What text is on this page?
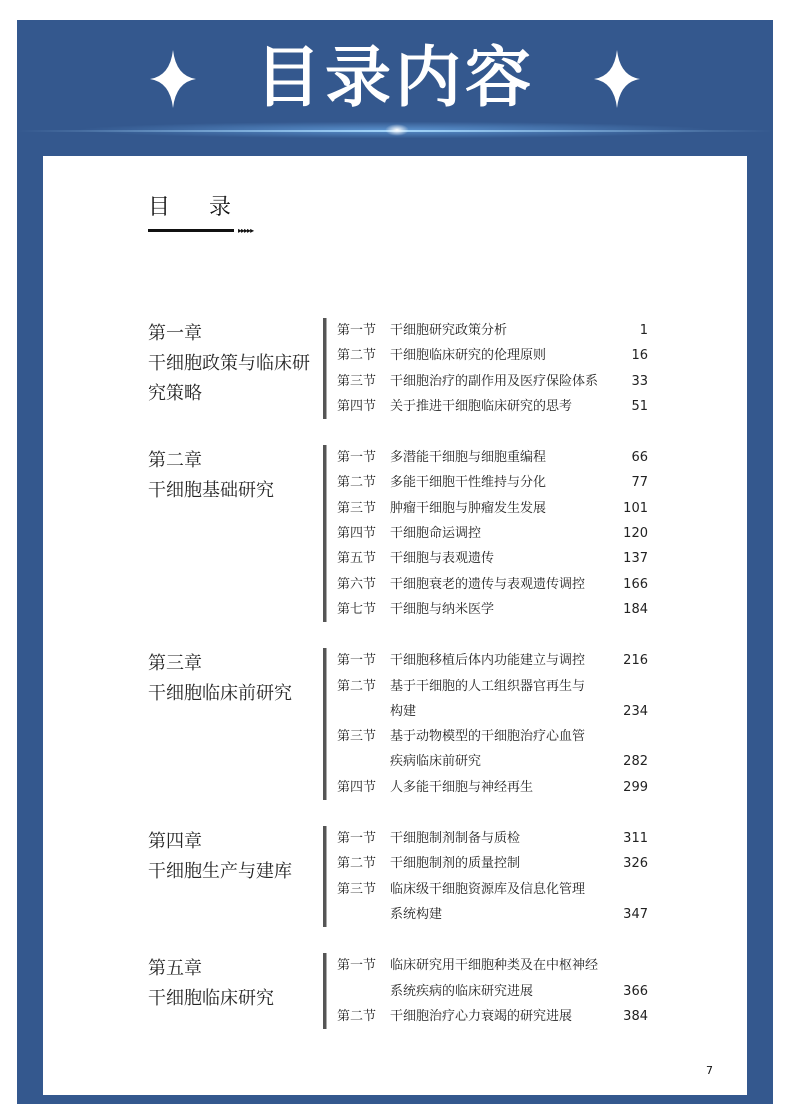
目录内容
目 录
▸▸▸▸▸
第一章
干细胞政策与临床研究策略
第一节	干细胞研究政策分析	1
第二节	干细胞临床研究的伦理原则	16
第三节	干细胞治疗的副作用及医疗保险体系	33
第四节	关于推进干细胞临床研究的思考	51
第二章
干细胞基础研究
第一节	多潜能干细胞与细胞重编程	66
第二节	多能干细胞干性维持与分化	77
第三节	肿瘤干细胞与肿瘤发生发展	101
第四节	干细胞命运调控	120
第五节	干细胞与表观遗传	137
第六节	干细胞衰老的遗传与表观遗传调控	166
第七节	干细胞与纳米医学	184
第三章
干细胞临床前研究
第一节	干细胞移植后体内功能建立与调控	216
第二节	基于干细胞的人工组织器官再生与
构建	234
第三节	基于动物模型的干细胞治疗心血管
疾病临床前研究	282
第四节	人多能干细胞与神经再生	299
第四章
干细胞生产与建库
第一节	干细胞制剂制备与质检	311
第二节	干细胞制剂的质量控制	326
第三节	临床级干细胞资源库及信息化管理
系统构建	347
第五章
干细胞临床研究
第一节	临床研究用干细胞种类及在中枢神经
系统疾病的临床研究进展	366
第二节	干细胞治疗心力衰竭的研究进展	384
7
